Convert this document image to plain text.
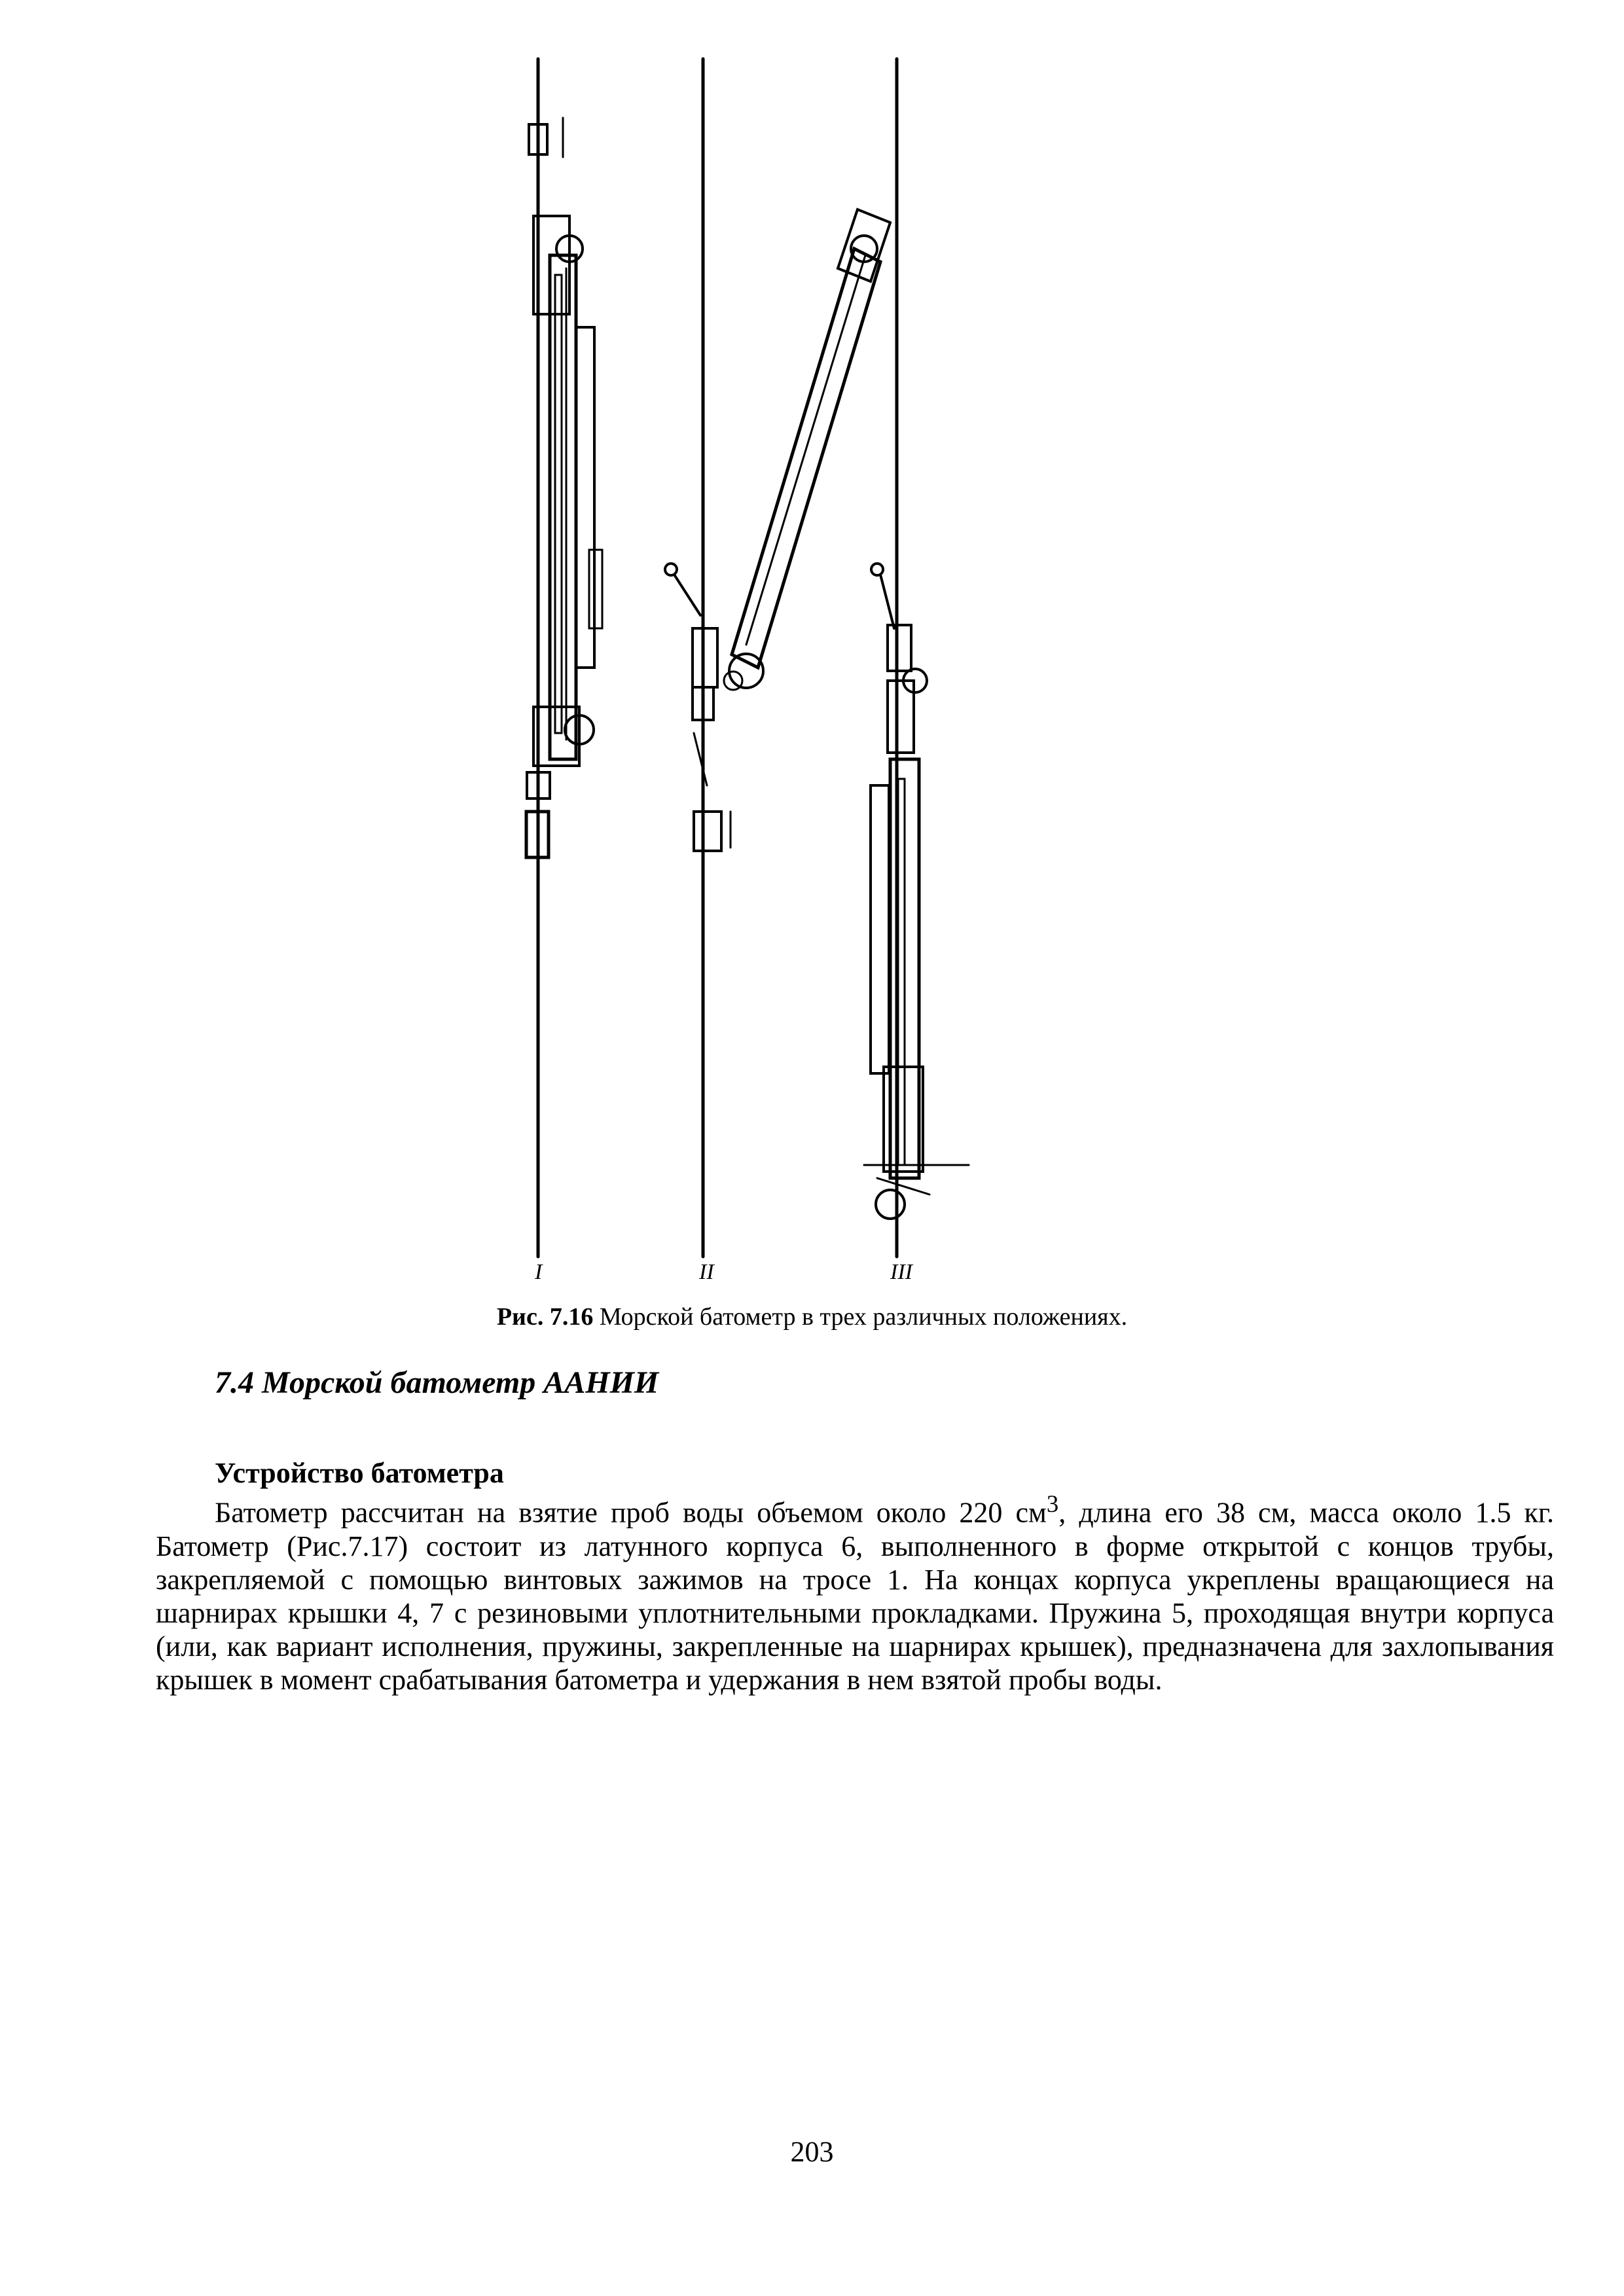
I	II	III
Рис. 7.16 Морской батометр в трех различных положениях.
7.4 Морской батометр ААНИИ
Устройство батометра

Батометр рассчитан на взятие проб воды объемом около 220 $см^3$, длина его 38 см, масса около 1.5 кг. Батометр (Рис.7.17) состоит из латунного корпуса 6, выполненного в форме открытой с концов трубы, закрепляемой с помощью винтовых зажимов на тросе 1. На концах корпуса укреплены вращающиеся на шарнирах крышки 4, 7 с резиновыми уплотнительными прокладками. Пружина 5, проходящая внутри корпуса (или, как вариант исполнения, пружины, закрепленные на шарнирах крышек), предназначена для захлопывания крышек в момент срабатывания батометра и удержания в нем взятой пробы воды.

203
